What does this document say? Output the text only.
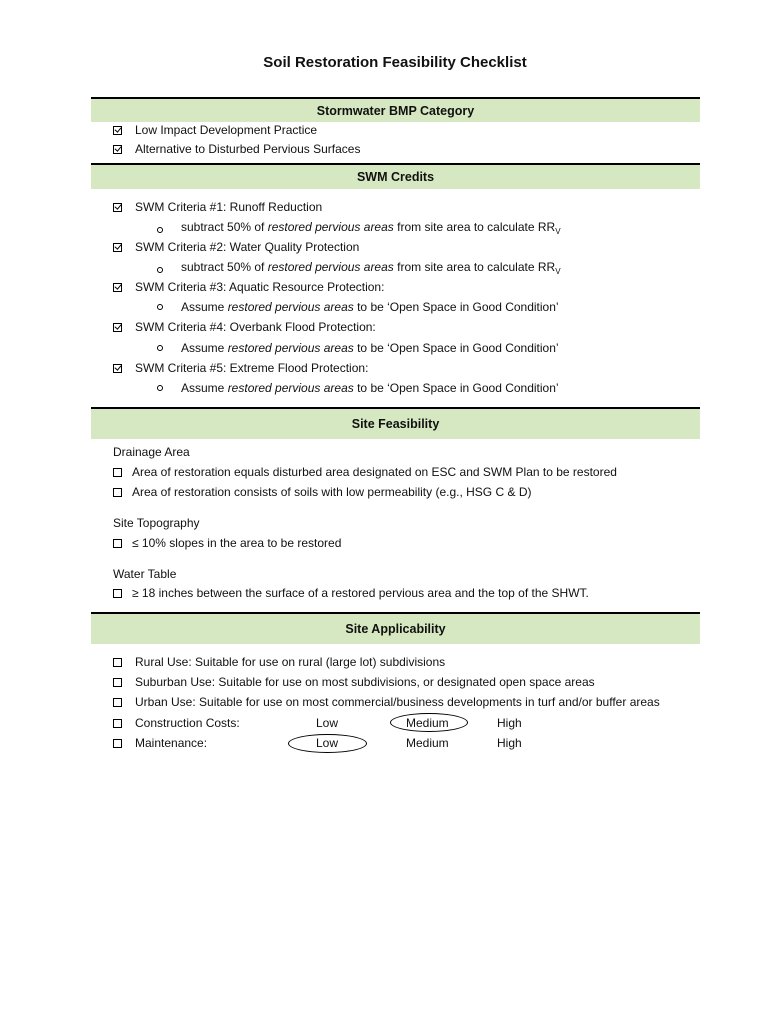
Soil Restoration Feasibility Checklist
Stormwater BMP Category
Low Impact Development Practice
Alternative to Disturbed Pervious Surfaces
SWM Credits
SWM Criteria #1: Runoff Reduction
subtract 50% of restored pervious areas from site area to calculate $RR_V$
SWM Criteria #2: Water Quality Protection
subtract 50% of restored pervious areas from site area to calculate $RR_V$
SWM Criteria #3: Aquatic Resource Protection:
Assume restored pervious areas to be ‘Open Space in Good Condition’
SWM Criteria #4: Overbank Flood Protection:
Assume restored pervious areas to be ‘Open Space in Good Condition’
SWM Criteria #5: Extreme Flood Protection:
Assume restored pervious areas to be ‘Open Space in Good Condition’
Site Feasibility
Drainage Area
Area of restoration equals disturbed area designated on ESC and SWM Plan to be restored
Area of restoration consists of soils with low permeability (e.g., HSG C & D)
Site Topography
≤ 10% slopes in the area to be restored
Water Table
≥ 18 inches between the surface of a restored pervious area and the top of the SHWT.
Site Applicability
Rural Use: Suitable for use on rural (large lot) subdivisions
Suburban Use: Suitable for use on most subdivisions, or designated open space areas
Urban Use: Suitable for use on most commercial/business developments in turf and/or buffer areas
Construction Costs:	Low	Medium	High
Maintenance:	Low	Medium	High
